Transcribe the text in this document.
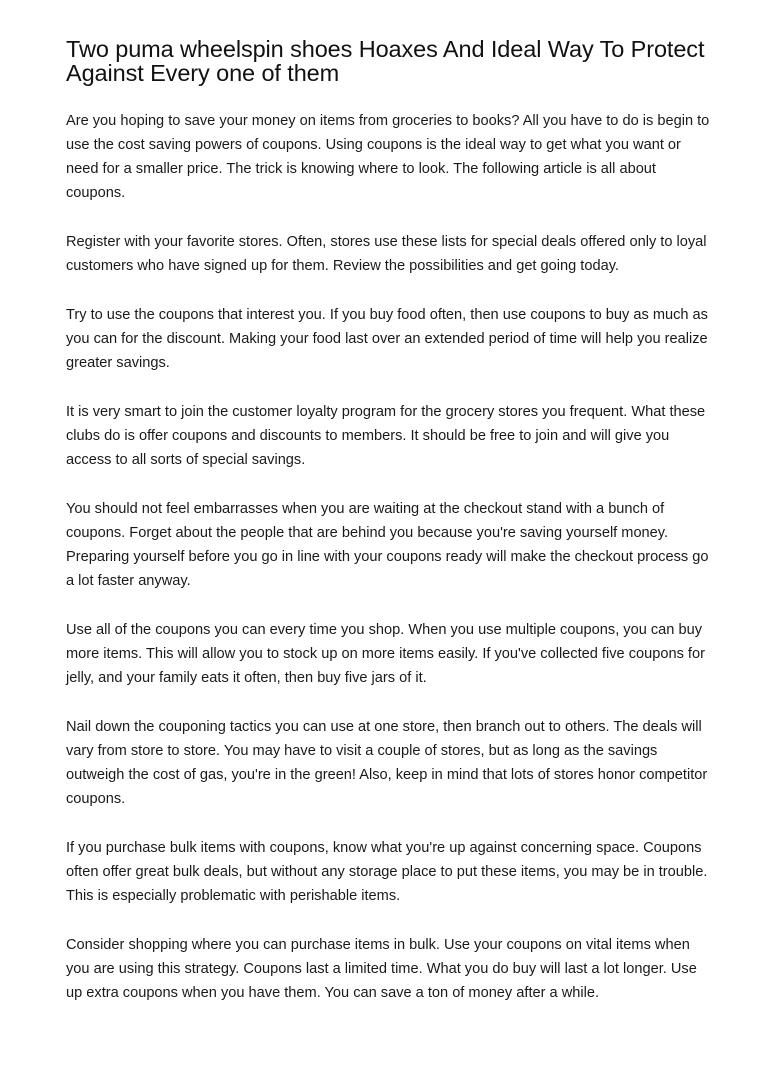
Two puma wheelspin shoes Hoaxes And Ideal Way To Protect Against Every one of them

Are you hoping to save your money on items from groceries to books? All you have to do is begin to use the cost saving powers of coupons. Using coupons is the ideal way to get what you want or need for a smaller price. The trick is knowing where to look. The following article is all about coupons.

Register with your favorite stores. Often, stores use these lists for special deals offered only to loyal customers who have signed up for them. Review the possibilities and get going today.

Try to use the coupons that interest you. If you buy food often, then use coupons to buy as much as you can for the discount. Making your food last over an extended period of time will help you realize greater savings.

It is very smart to join the customer loyalty program for the grocery stores you frequent. What these clubs do is offer coupons and discounts to members. It should be free to join and will give you access to all sorts of special savings.

You should not feel embarrasses when you are waiting at the checkout stand with a bunch of coupons. Forget about the people that are behind you because you're saving yourself money. Preparing yourself before you go in line with your coupons ready will make the checkout process go a lot faster anyway.

Use all of the coupons you can every time you shop. When you use multiple coupons, you can buy more items. This will allow you to stock up on more items easily. If you've collected five coupons for jelly, and your family eats it often, then buy five jars of it.

Nail down the couponing tactics you can use at one store, then branch out to others. The deals will vary from store to store. You may have to visit a couple of stores, but as long as the savings outweigh the cost of gas, you're in the green! Also, keep in mind that lots of stores honor competitor coupons.

If you purchase bulk items with coupons, know what you're up against concerning space. Coupons often offer great bulk deals, but without any storage place to put these items, you may be in trouble. This is especially problematic with perishable items.

Consider shopping where you can purchase items in bulk. Use your coupons on vital items when you are using this strategy. Coupons last a limited time. What you do buy will last a lot longer. Use up extra coupons when you have them. You can save a ton of money after a while.
